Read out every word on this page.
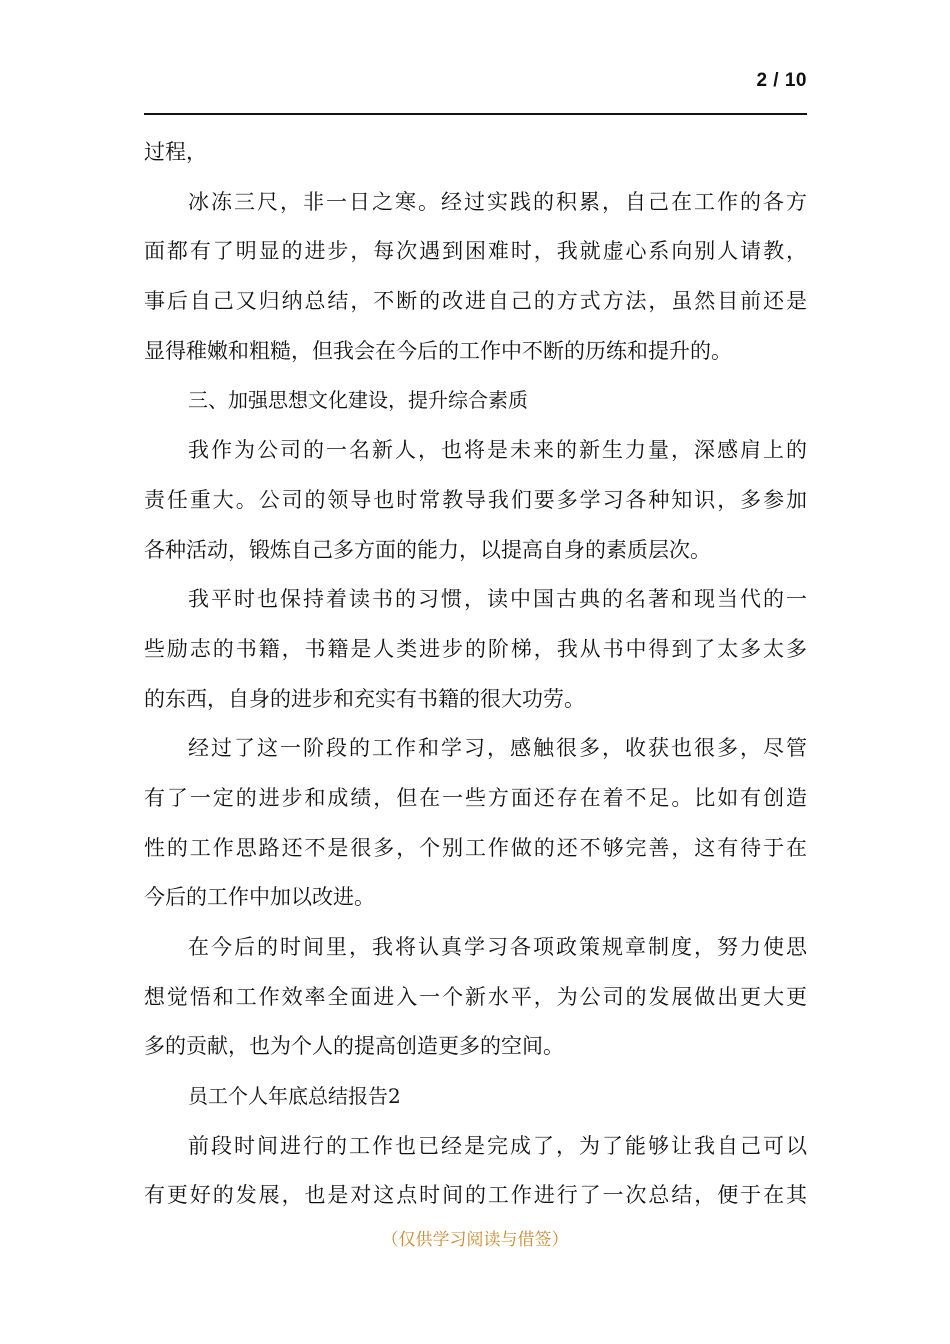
2 / 10
过程，
冰冻三尺，非一日之寒。经过实践的积累，自己在工作的各方
面都有了明显的进步，每次遇到困难时，我就虚心系向别人请教，
事后自己又归纳总结，不断的改进自己的方式方法，虽然目前还是
显得稚嫩和粗糙，但我会在今后的工作中不断的历练和提升的。
三、加强思想文化建设，提升综合素质
我作为公司的一名新人，也将是未来的新生力量，深感肩上的
责任重大。公司的领导也时常教导我们要多学习各种知识，多参加
各种活动，锻炼自己多方面的能力，以提高自身的素质层次。
我平时也保持着读书的习惯，读中国古典的名著和现当代的一
些励志的书籍，书籍是人类进步的阶梯，我从书中得到了太多太多
的东西，自身的进步和充实有书籍的很大功劳。
经过了这一阶段的工作和学习，感触很多，收获也很多，尽管
有了一定的进步和成绩，但在一些方面还存在着不足。比如有创造
性的工作思路还不是很多，个别工作做的还不够完善，这有待于在
今后的工作中加以改进。
在今后的时间里，我将认真学习各项政策规章制度，努力使思
想觉悟和工作效率全面进入一个新水平，为公司的发展做出更大更
多的贡献，也为个人的提高创造更多的空间。
员工个人年底总结报告2
前段时间进行的工作也已经是完成了，为了能够让我自己可以
有更好的发展，也是对这点时间的工作进行了一次总结，便于在其
（仅供学习阅读与借签）
